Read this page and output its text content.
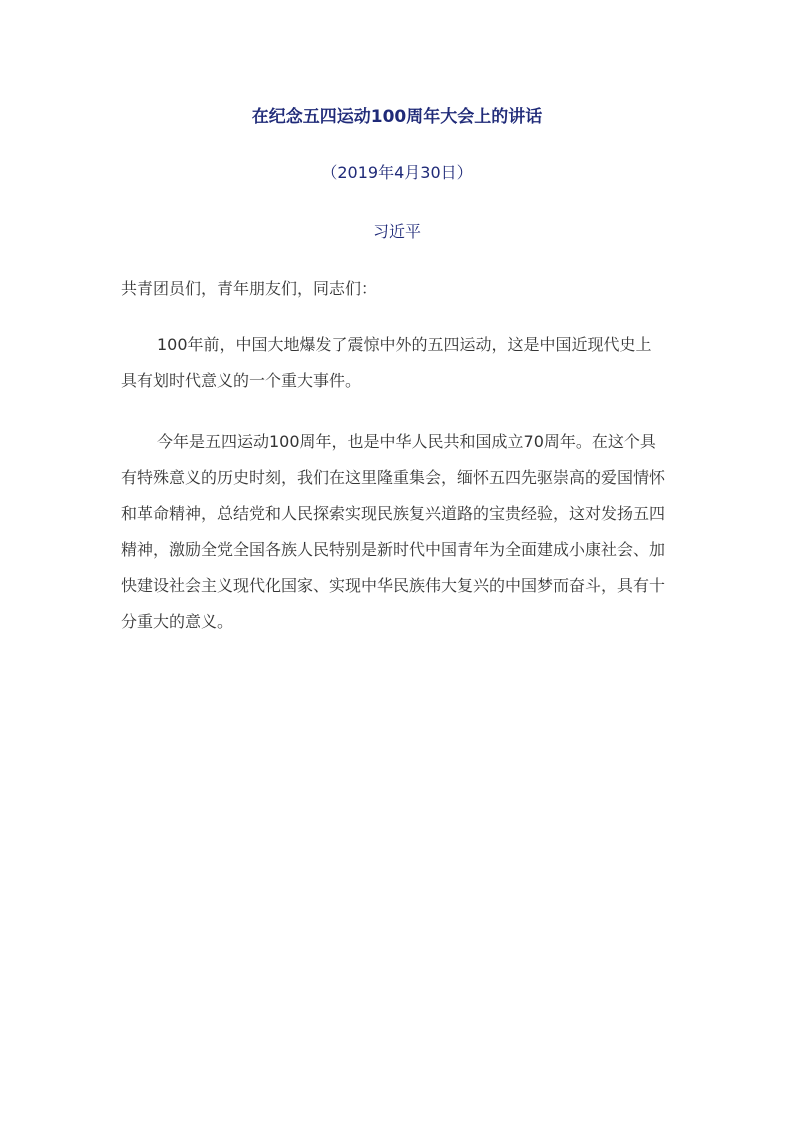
在纪念五四运动100周年大会上的讲话
（2019年4月30日）
习近平
共青团员们，青年朋友们，同志们：
100年前，中国大地爆发了震惊中外的五四运动，这是中国近现代史上具有划时代意义的一个重大事件。
今年是五四运动100周年，也是中华人民共和国成立70周年。在这个具有特殊意义的历史时刻，我们在这里隆重集会，缅怀五四先驱崇高的爱国情怀和革命精神，总结党和人民探索实现民族复兴道路的宝贵经验，这对发扬五四精神，激励全党全国各族人民特别是新时代中国青年为全面建成小康社会、加快建设社会主义现代化国家、实现中华民族伟大复兴的中国梦而奋斗，具有十分重大的意义。
